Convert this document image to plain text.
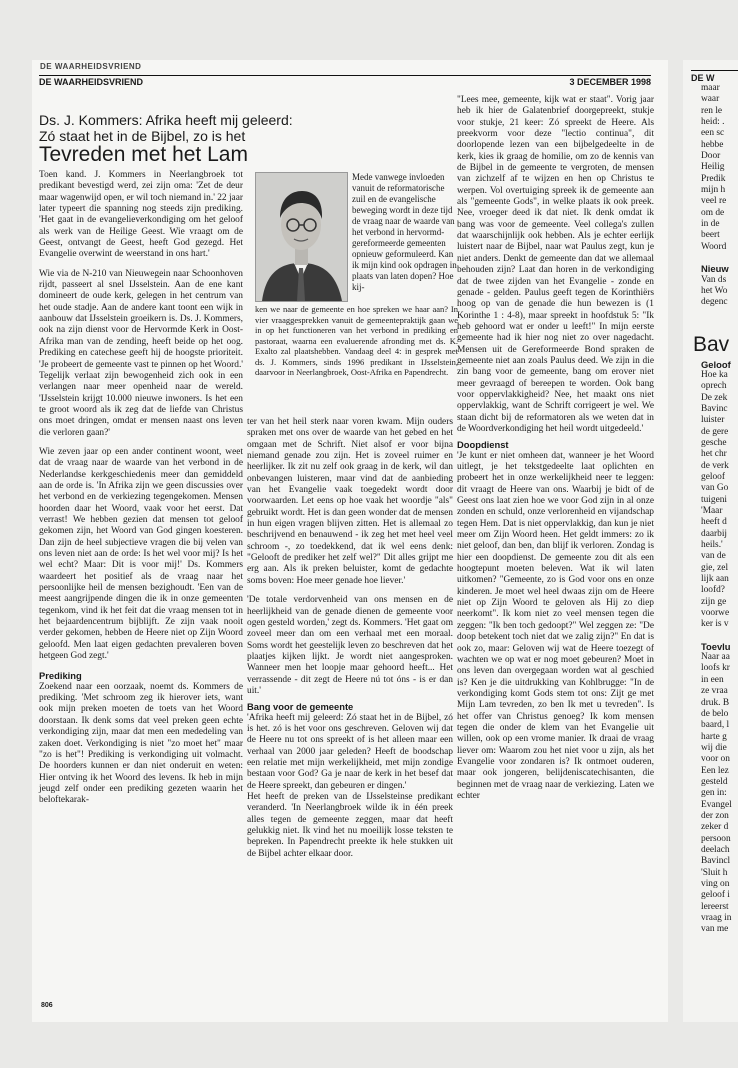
DE WAARHEIDSVRIEND
DE WAARHEIDSVRIEND	3 DECEMBER 1998
Ds. J. Kommers: Afrika heeft mij geleerd:
Zó staat het in de Bijbel, zo is het
Tevreden met het Lam

Toen kand. J. Kommers in Neerlangbroek tot predikant bevestigd werd, zei zijn oma: 'Zet de deur maar wagenwijd open, er wil toch niemand in.' 22 jaar later typeert die spanning nog steeds zijn prediking. 'Het gaat in de evangelieverkondiging om het geloof als werk van de Heilige Geest. Wie vraagt om de Geest, ontvangt de Geest, heeft God gezegd. Het Evangelie overwint de weerstand in ons hart.'

Wie via de N-210 van Nieuwegein naar Schoonhoven rijdt, passeert al snel IJsselstein. Aan de ene kant domineert de oude kerk, gelegen in het centrum van het oude stadje. Aan de andere kant toont een wijk in aanbouw dat IJsselstein groeikern is. Ds. J. Kommers, ook na zijn dienst voor de Hervormde Kerk in Oost-Afrika man van de zending, heeft beide op het oog. Prediking en catechese geeft hij de hoogste prioriteit. 'Je probeert de gemeente vast te pinnen op het Woord.' Tegelijk verlaat zijn bewogenheid zich ook in een verlangen naar meer openheid naar de wereld. 'IJsselstein krijgt 10.000 nieuwe inwoners. Is het een te groot woord als ik zeg dat de liefde van Christus ons moet dringen, omdat er mensen naast ons leven die verloren gaan?'

Wie zeven jaar op een ander continent woont, weet dat de vraag naar de waarde van het verbond in de Nederlandse kerkgeschiedenis meer dan gemiddeld aan de orde is. 'In Afrika zijn we geen discussies over het verbond en de verkiezing tegengekomen. Mensen hoorden daar het Woord, vaak voor het eerst. Dat verrast! We hebben gezien dat mensen tot geloof gekomen zijn, het Woord van God gingen koesteren. Dan zijn de heel subjectieve vragen die bij velen van ons leven niet aan de orde: Is het wel voor mij? Is het wel echt? Maar: Dit is voor mij!' Ds. Kommers waardeert het positief als de vraag naar het persoonlijke heil de mensen bezighoudt. 'Een van de meest aangrijpende dingen die ik in onze gemeenten tegenkom, vind ik het feit dat die vraag mensen tot in het bejaardencentrum bijblijft. Ze zijn vaak nooit verder gekomen, hebben de Heere niet op Zijn Woord geloofd. Men laat eigen gedachten prevaleren boven hetgeen God zegt.'

Prediking

Zoekend naar een oorzaak, noemt ds. Kommers de prediking. 'Met schroom zeg ik hierover iets, want ook mijn preken moeten de toets van het Woord doorstaan. Ik denk soms dat veel preken geen echte verkondiging zijn, maar dat men een mededeling van zaken doet. Verkondiging is niet "zo moet het" maar "zo is het"! Prediking is verkondiging uit volmacht. De hoorders kunnen er dan niet onderuit en weten: Hier ontving ik het Woord des levens. Ik heb in mijn jeugd zelf onder een prediking gezeten waarin het beloftekarak-

Mede vanwege invloeden vanuit de reformatorische zuil en de evangelische beweging wordt in deze tijd de vraag naar de waarde van het verbond in hervormd-gereformeerde gemeenten opnieuw geformuleerd. Kan ik mijn kind ook opdragen in plaats van laten dopen? Hoe kij-
ken we naar de gemeente en hoe spreken we haar aan? In vier vraaggesprekken vanuit de gemeentepraktijk gaan we in op het functioneren van het verbond in prediking en pastoraat, waarna een evaluerende afronding met ds. K. Exalto zal plaatshebben. Vandaag deel 4: in gesprek met ds. J. Kommers, sinds 1996 predikant in IJsselstein, daarvoor in Neerlangbroek, Oost-Afrika en Papendrecht.

ter van het heil sterk naar voren kwam. Mijn ouders spraken met ons over de waarde van het gebed en het omgaan met de Schrift. Niet alsof er voor bijna niemand genade zou zijn. Het is zoveel ruimer en heerlijker. Ik zit nu zelf ook graag in de kerk, wil dan onbevangen luisteren, maar vind dat de aanbieding van het Evangelie vaak toegedekt wordt door voorwaarden. Let eens op hoe vaak het woordje "als" gebruikt wordt. Het is dan geen wonder dat de mensen in hun eigen vragen blijven zitten. Het is allemaal zo beschrijvend en benauwend - ik zeg het met heel veel schroom -, zo toedekkend, dat ik wel eens denk: "Gelooft de prediker het zelf wel?" Dit alles grijpt me erg aan. Als ik preken beluister, komt de gedachte soms boven: Hoe meer genade hoe liever.'

'De totale verdorvenheid van ons mensen en de heerlijkheid van de genade dienen de gemeente voor ogen gesteld worden,' zegt ds. Kommers. 'Het gaat om zoveel meer dan om een verhaal met een moraal. Soms wordt het geestelijk leven zo beschreven dat het plaatjes kijken lijkt. Je wordt niet aangesproken. Wanneer men het loopje maar gehoord heeft... Het verrassende - dit zegt de Heere nú tot óns - is er dan uit.'

Bang voor de gemeente

'Afrika heeft mij geleerd: Zó staat het in de Bijbel, zó is het. zó is het voor ons geschreven. Geloven wij dat de Heere nu tot ons spreekt of is het alleen maar een verhaal van 2000 jaar geleden? Heeft de boodschap een relatie met mijn werkelijkheid, met mijn zondige bestaan voor God? Ga je naar de kerk in het besef dat de Heere spreekt, dan gebeuren er dingen.'

Het heeft de preken van de IJsselsteinse predikant veranderd. 'In Neerlangbroek wilde ik in één preek alles tegen de gemeente zeggen, maar dat heeft gelukkig niet. Ik vind het nu moeilijk losse teksten te bepreken. In Papendrecht preekte ik hele stukken uit de Bijbel achter elkaar door.

"Lees mee, gemeente, kijk wat er staat". Vorig jaar heb ik hier de Galatenbrief doorgepreekt, stukje voor stukje, 21 keer: Zó spreekt de Heere. Als preekvorm voor deze "lectio continua", dit doorlopende lezen van een bijbelgedeelte in de kerk, kies ik graag de homilie, om zo de kennis van de Bijbel in de gemeente te vergroten, de mensen van zichzelf af te wijzen en hen op Christus te werpen. Vol overtuiging spreek ik de gemeente aan als "gemeente Gods", in welke plaats ik ook preek. Nee, vroeger deed ik dat niet. Ik denk omdat ik bang was voor de gemeente. Veel collega's zullen dat waarschijnlijk ook hebben. Als je echter eerlijk luistert naar de Bijbel, naar wat Paulus zegt, kun je niet anders. Denkt de gemeente dan dat we allemaal behouden zijn? Laat dan horen in de verkondiging dat de twee zijden van het Evangelie - zonde en genade - gelden. Paulus geeft tegen de Korinthiërs hoog op van de genade die hun bewezen is (1 Korinthe 1 : 4-8), maar spreekt in hoofdstuk 5: "Ik heb gehoord wat er onder u leeft!" In mijn eerste gemeente had ik hier nog niet zo over nagedacht. Mensen uit de Gereformeerde Bond spraken de gemeente niet aan zoals Paulus deed. We zijn in die zin bang voor de gemeente, bang om erover niet meer gevraagd of bereepen te worden. Ook bang voor oppervlakkigheid? Nee, het maakt ons niet oppervlakkig, want de Schrift corrigeert je wel. We staan dicht bij de reformatoren als we weten dat in de Woordverkondiging het heil wordt uitgedeeld.'

Doopdienst

'Je kunt er niet omheen dat, wanneer je het Woord uitlegt, je het tekstgedeelte laat oplichten en probeert het in onze werkelijkheid neer te leggen: dit vraagt de Heere van ons. Waarbij je bidt of de Geest ons laat zien hoe we voor God zijn in al onze zonden en schuld, onze verlorenheid en vijandschap tegen Hem. Dat is niet oppervlakkig, dan kun je niet meer om Zijn Woord heen. Het geldt immers: zo ik niet geloof, dan ben, dan blijf ik verloren. Zondag is hier een doopdienst. De gemeente zou dit als een hoogtepunt moeten beleven. Wat ik wil laten uitkomen? "Gemeente, zo is God voor ons en onze kinderen. Je moet wel heel dwaas zijn om de Heere niet op Zijn Woord te geloven als Hij zo diep neerkomt". Ik kom niet zo veel mensen tegen die zeggen: "Ik ben toch gedoopt?" Wel zeggen ze: "De doop betekent toch niet dat we zalig zijn?" En dat is ook zo, maar: Geloven wij wat de Heere toezegt of wachten we op wat er nog moet gebeuren? Moet in ons leven dan overgegaan worden wat al geschied is? Ken je die uitdrukking van Kohlbrugge: "In de verkondiging komt Gods stem tot ons: Zijt ge met Mijn Lam tevreden, zo ben Ik met u tevreden". Is het offer van Christus genoeg? Ik kom mensen tegen die onder de klem van het Evangelie uit willen, ook op een vrome manier. Ik draai de vraag liever om: Waarom zou het niet voor u zijn, als het Evangelie voor zondaren is? Ik ontmoet ouderen, maar ook jongeren, belijdeniscatechisanten, die beginnen met de vraag naar de verkiezing. Laten we echter

806
DE W
maar
waar
ren le
heid: .
een sc
hebbe
Door
Heilig
Predik
mijn h
veel re
om de
in de
beert
Woord
Nieuw
Van ds
het Wo
degenc
Bav
Geloof
Hoe ka
oprech
De zek
Bavinc
luister
de gere
gesche
het chr
de verk
geloof
van Go
tuigeni
'Maar
heeft d
daarbij
heils.'
van de
gie, zel
lijk aan
loofd?
zijn ge
voorwe
ker is v
Toevlu
Naar aa
loofs kr
in een
ze vraa
druk. B
de belo
baard, l
harte g
wij die
voor on
Een lez
gesteld
gen in:
Evangel
der zon
zeker d
persoon
deelach
Bavincl
'Sluit h
ving on
geloof i
lereerst
vraag in
van me
